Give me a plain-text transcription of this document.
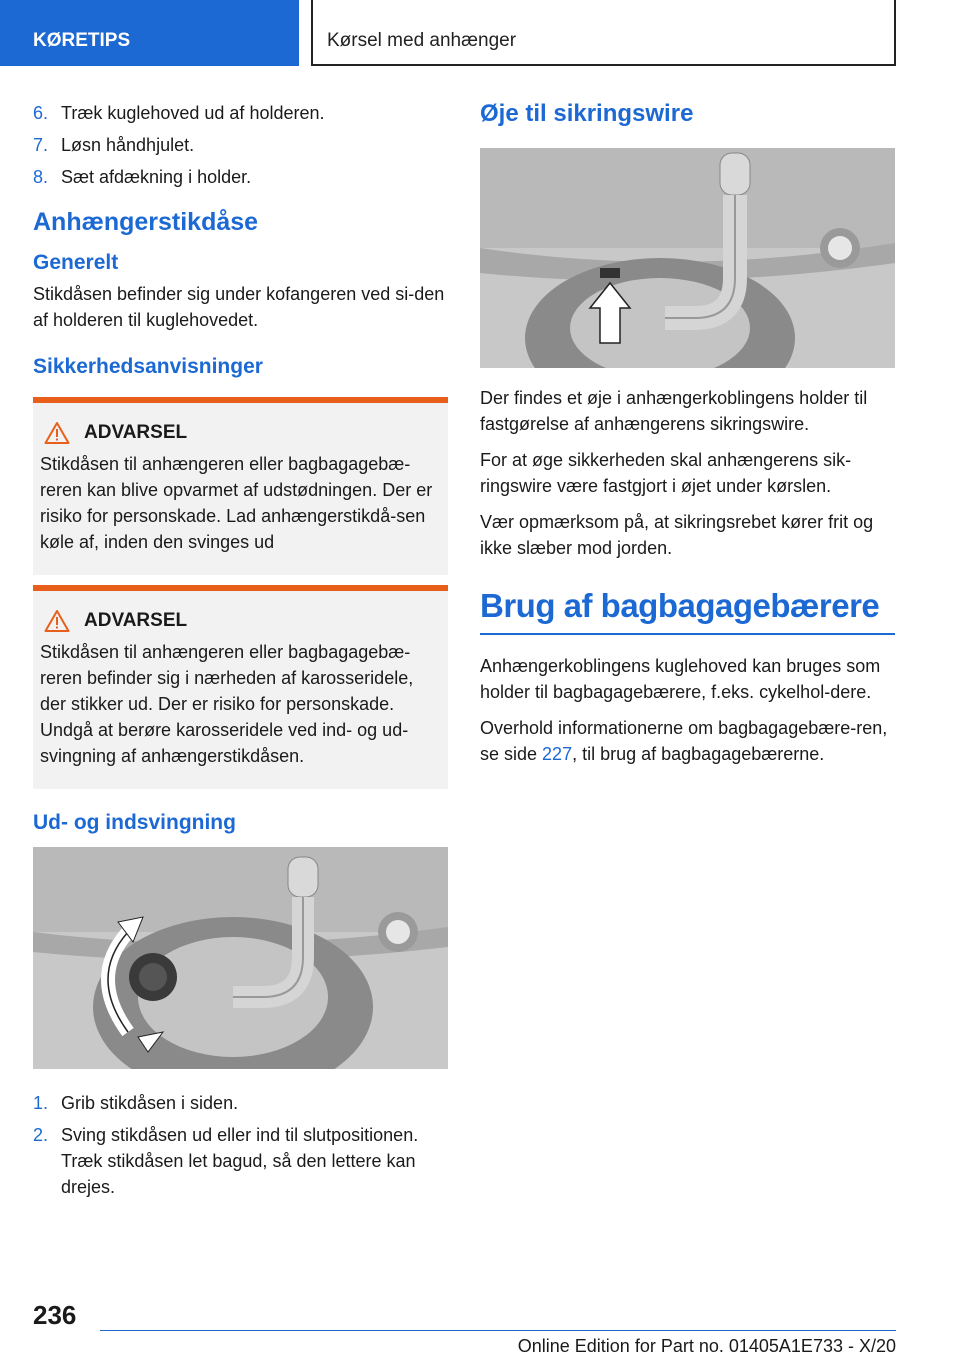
KØRETIPS	Kørsel med anhænger
6. Træk kuglehoved ud af holderen.
7. Løsn håndhjulet.
8. Sæt afdækning i holder.
Anhængerstikdåse
Generelt

Stikdåsen befinder sig under kofangeren ved si-den af holderen til kuglehovedet.

Sikkerhedsanvisninger
ADVARSEL

Stikdåsen til anhængeren eller bagbagagebæ-reren kan blive opvarmet af udstødningen. Der er risiko for personskade. Lad anhængerstikdå-sen køle af, inden den svinges ud

ADVARSEL

Stikdåsen til anhængeren eller bagbagagebæ-reren befinder sig i nærheden af karosseridele, der stikker ud. Der er risiko for personskade. Undgå at berøre karosseridele ved ind- og ud-svingning af anhængerstikdåsen.

Ud- og indsvingning
1. Grib stikdåsen i siden.
2. Sving stikdåsen ud eller ind til slutpositionen. Træk stikdåsen let bagud, så den lettere kan drejes.
Øje til sikringswire

Der findes et øje i anhængerkoblingens holder til fastgørelse af anhængerens sikringswire.

For at øge sikkerheden skal anhængerens sik-ringswire være fastgjort i øjet under kørslen.

Vær opmærksom på, at sikringsrebet kører frit og ikke slæber mod jorden.

Brug af bagbagagebærere

Anhængerkoblingens kuglehoved kan bruges som holder til bagbagagebærere, f.eks. cykelhol-dere.

Overhold informationerne om bagbagagebære-ren, se side 227, til brug af bagbagagebærerne.

236
Online Edition for Part no. 01405A1E733 - X/20
